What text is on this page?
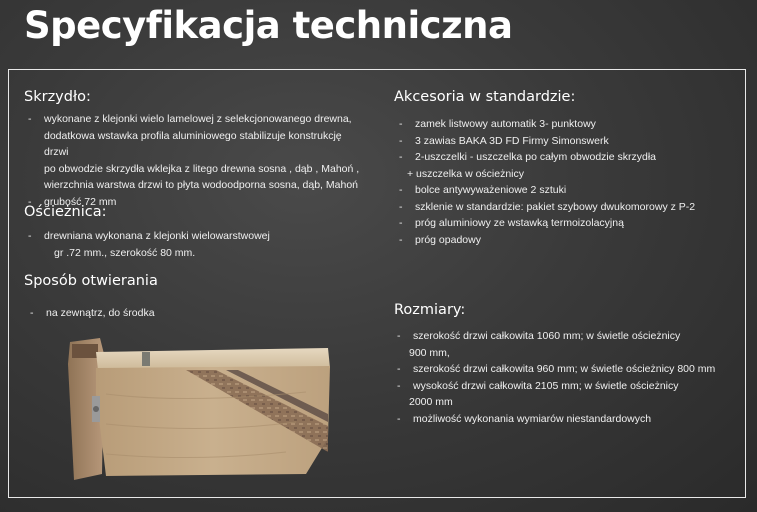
Specyfikacja techniczna
Skrzydło:
- wykonane z klejonki wielo lamelowej z selekcjonowanego drewna,
dodatkowa wstawka profila aluminiowego stabilizuje konstrukcję drzwi
po obwodzie skrzydła wklejka z litego drewna sosna , dąb , Mahoń ,
wierzchnia warstwa drzwi to płyta wodoodporna sosna, dąb, Mahoń
- grubość 72 mm
Ościeżnica:
- drewniana wykonana z klejonki wielowarstwowej
gr .72 mm., szerokość 80 mm.
Sposób otwierania
- na zewnątrz, do środka
Akcesoria w standardzie:
- zamek listwowy automatik 3- punktowy
- 3 zawias BAKA 3D FD Firmy Simonswerk
- 2-uszczelki - uszczelka po całym obwodzie skrzydła
+ uszczelka w ościeżnicy
- bolce antywyważeniowe 2 sztuki
- szklenie w standardzie: pakiet szybowy dwukomorowy z P-2
- próg aluminiowy ze wstawką termoizolacyjną
- próg opadowy
Rozmiary:
- szerokość drzwi całkowita 1060 mm; w świetle ościeżnicy
900 mm,
- szerokość drzwi całkowita 960 mm; w świetle ościeżnicy 800 mm
- wysokość drzwi całkowita 2105 mm; w świetle ościeżnicy
2000 mm
- możliwość wykonania wymiarów niestandardowych
